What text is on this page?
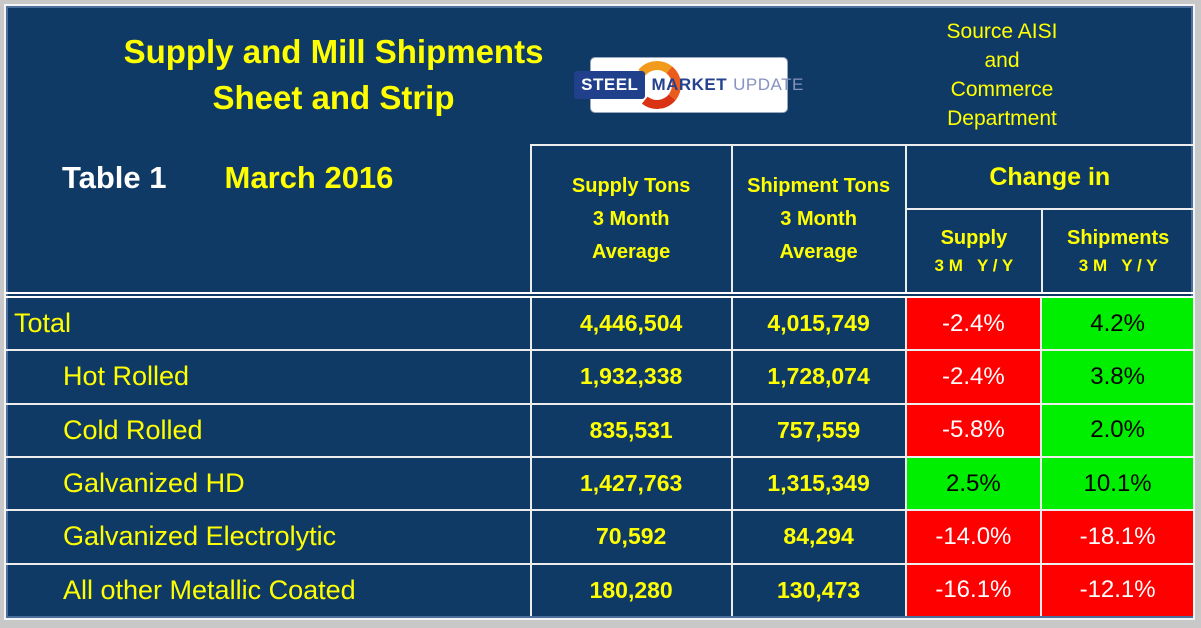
Supply and Mill Shipments
Sheet and Strip	STEEL MARKET UPDATE
Source AISI
and
Commerce
Department
Table 1 March 2016	Supply Tons
3 Month
Average
Shipment Tons
3 Month
Average
Change in
Supply
3 M   Y / Y
Shipments
3 M   Y / Y
Total	4,446,504	4,015,749	-2.4%	4.2%
Hot Rolled	1,932,338	1,728,074	-2.4%	3.8%
Cold Rolled	835,531	757,559	-5.8%	2.0%
Galvanized HD	1,427,763	1,315,349	2.5%	10.1%
Galvanized Electrolytic	70,592	84,294	-14.0%	-18.1%
All other Metallic Coated	180,280	130,473	-16.1%	-12.1%
